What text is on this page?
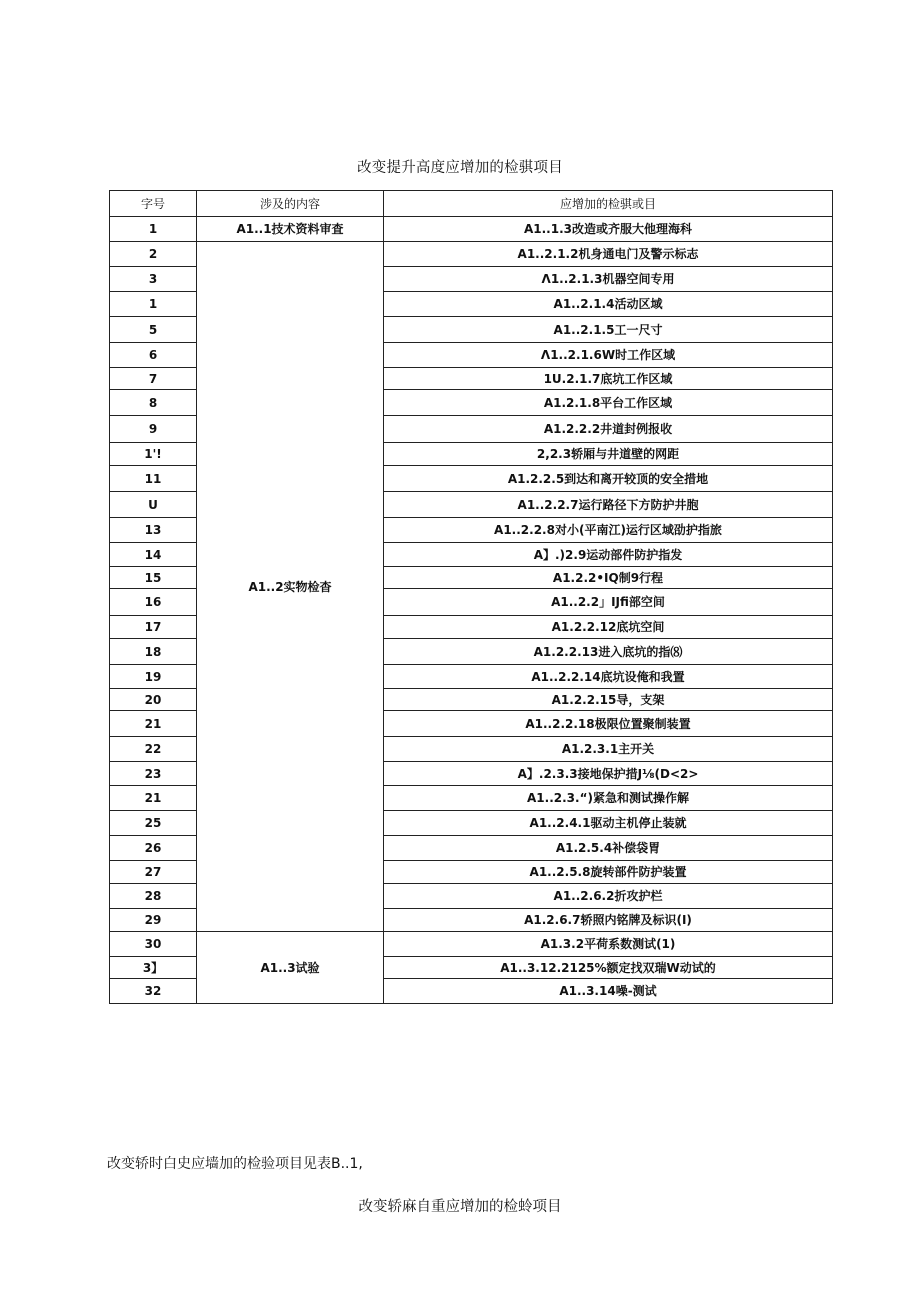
改变提升高度应增加的检骐项目
字号	涉及的内容	应增加的检骐或目
1	A1..1技术资料审査	A1..1.3改造或齐服大他理海科
2	A1..2实物检杳	A1..2.1.2机身通电门及警示标志
3		Λ1..2.1.3机器空间专用
1		A1..2.1.4活动区域
5		A1..2.1.5工一尺寸
6		Λ1..2.1.6W时工作区域
7		1U.2.1.7底坑工作区域
8		A1.2.1.8平台工作区域
9		A1.2.2.2井道封例报收
1'!		2,2.3轿厢与井道壁的网距
11		A1.2.2.5到达和离开较顶的安全措地
U		A1..2.2.7运行路径下方防护井胞
13		A1..2.2.8对小(平南江)运行区域劭护指旅
14		A】.)2.9运动部件防护指发
15		A1.2.2•IQ制9行程
16		A1..2.2」IJfi部空间
17		A1.2.2.12底坑空间
18		A1.2.2.13进入底坑的指⑻
19		A1..2.2.14底坑设俺和我置
20		A1.2.2.15导，支架
21		A1..2.2.18极限位置聚制装置
22		A1.2.3.1主开关
23		A】.2.3.3接地保护措J⅛(D<2>
21		A1..2.3.“)紧急和测试操作解
25		A1..2.4.1驱动主机停止装就
26		A1.2.5.4补偿袋胃
27		A1..2.5.8旋转部件防护装置
28		A1..2.6.2折攻护栏
29		A1.2.6.7轿照内铭牌及标识(I)
30	A1..3试验	A1.3.2平荷系数测试(1)
3】		A1..3.12.2125%额定找双瑞W动试的
32		A1..3.14噪-测试
改变轿时白史应墙加的检验项目见表B..1,
改变轿麻自重应增加的检蛉项目
